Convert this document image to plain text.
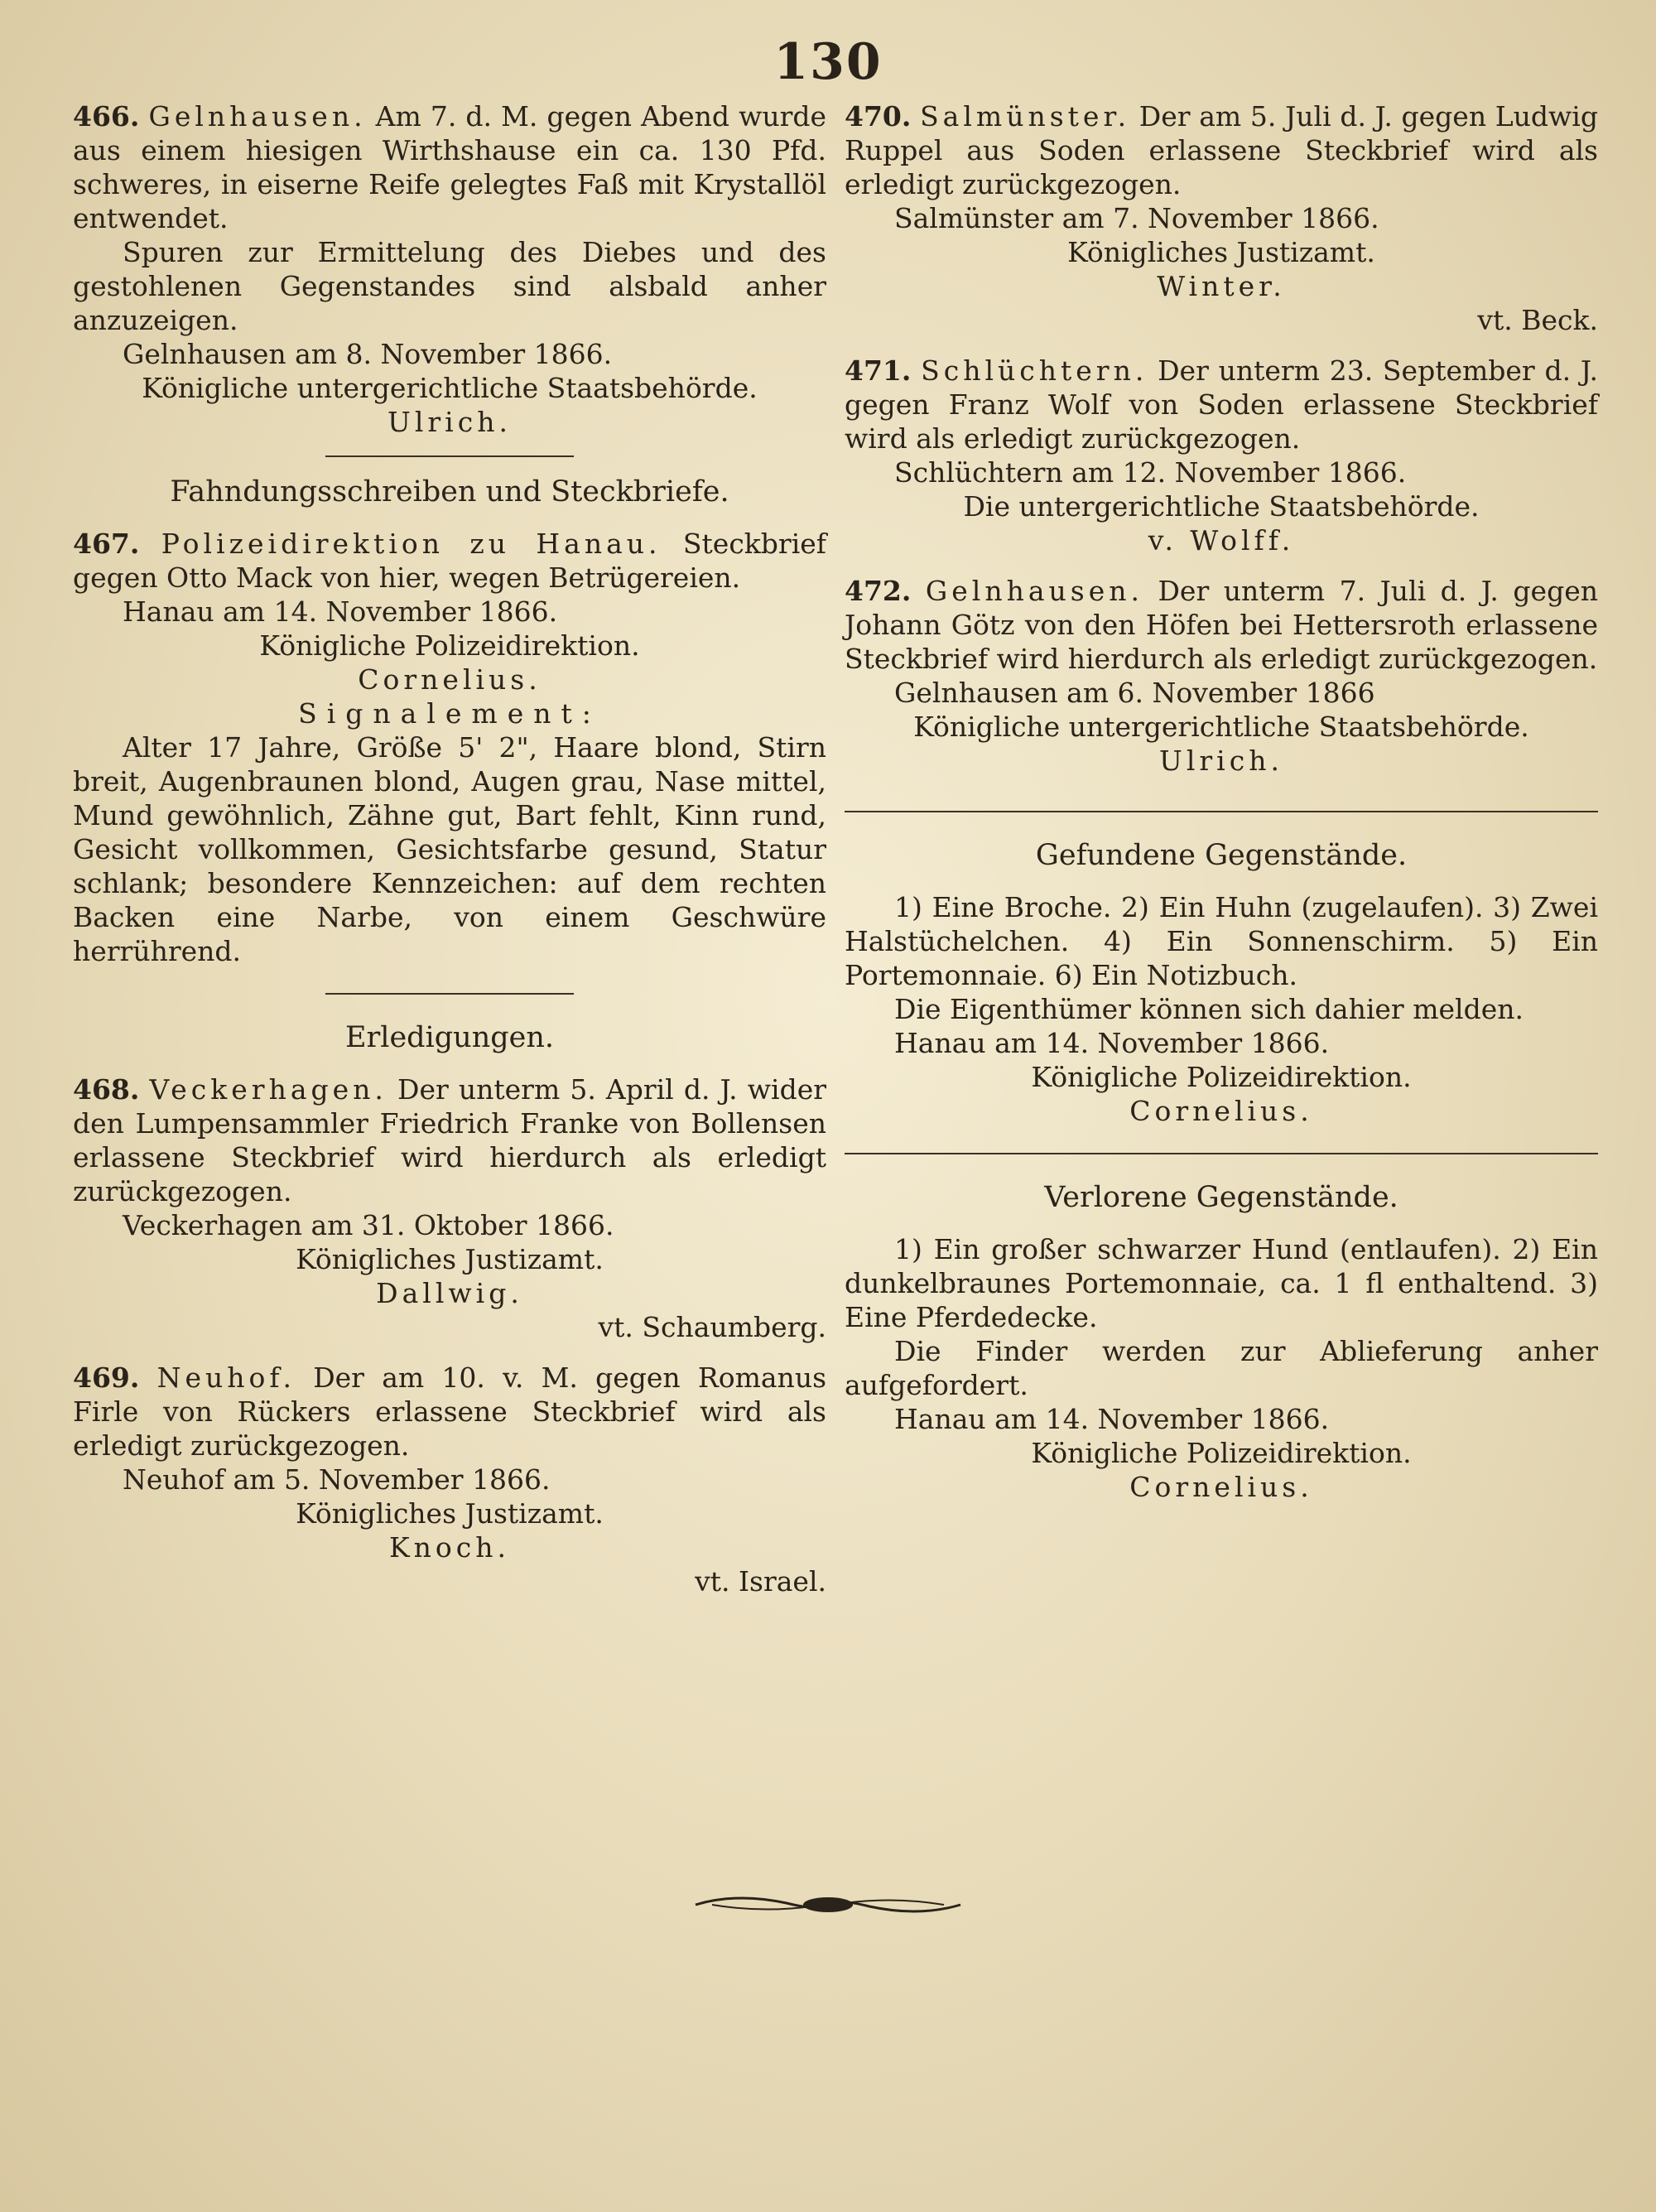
130

466. Gelnhausen. Am 7. d. M. gegen Abend wurde aus einem hiesigen Wirthshause ein ca. 130 Pfd. schweres, in eiserne Reife gelegtes Faß mit Krystallöl entwendet.

Spuren zur Ermittelung des Diebes und des gestohlenen Gegenstandes sind alsbald anher anzuzeigen.

Gelnhausen am 8. November 1866.

Königliche untergerichtliche Staatsbehörde.

Ulrich.

Fahndungsschreiben und Steckbriefe.

467. Polizeidirektion zu Hanau. Steckbrief gegen Otto Mack von hier, wegen Betrügereien.

Hanau am 14. November 1866.

Königliche Polizeidirektion.

Cornelius.

Signalement:

Alter 17 Jahre, Größe 5' 2", Haare blond, Stirn breit, Augenbraunen blond, Augen grau, Nase mittel, Mund gewöhnlich, Zähne gut, Bart fehlt, Kinn rund, Gesicht vollkommen, Gesichtsfarbe gesund, Statur schlank; besondere Kennzeichen: auf dem rechten Backen eine Narbe, von einem Geschwüre herrührend.

Erledigungen.

468. Veckerhagen. Der unterm 5. April d. J. wider den Lumpensammler Friedrich Franke von Bollensen erlassene Steckbrief wird hierdurch als erledigt zurückgezogen.

Veckerhagen am 31. Oktober 1866.

Königliches Justizamt.

Dallwig.

vt. Schaumberg.

469. Neuhof. Der am 10. v. M. gegen Romanus Firle von Rückers erlassene Steckbrief wird als erledigt zurückgezogen.

Neuhof am 5. November 1866.

Königliches Justizamt.

Knoch.

vt. Israel.

470. Salmünster. Der am 5. Juli d. J. gegen Ludwig Ruppel aus Soden erlassene Steckbrief wird als erledigt zurückgezogen.

Salmünster am 7. November 1866.

Königliches Justizamt.

Winter.

vt. Beck.

471. Schlüchtern. Der unterm 23. September d. J. gegen Franz Wolf von Soden erlassene Steckbrief wird als erledigt zurückgezogen.

Schlüchtern am 12. November 1866.

Die untergerichtliche Staatsbehörde.

v. Wolff.

472. Gelnhausen. Der unterm 7. Juli d. J. gegen Johann Götz von den Höfen bei Hettersroth erlassene Steckbrief wird hierdurch als erledigt zurückgezogen.

Gelnhausen am 6. November 1866

Königliche untergerichtliche Staatsbehörde.

Ulrich.

Gefundene Gegenstände.

1) Eine Broche. 2) Ein Huhn (zugelaufen). 3) Zwei Halstüchelchen. 4) Ein Sonnenschirm. 5) Ein Portemonnaie. 6) Ein Notizbuch.

Die Eigenthümer können sich dahier melden.

Hanau am 14. November 1866.

Königliche Polizeidirektion.

Cornelius.

Verlorene Gegenstände.

1) Ein großer schwarzer Hund (entlaufen). 2) Ein dunkelbraunes Portemonnaie, ca. 1 fl enthaltend. 3) Eine Pferdedecke.

Die Finder werden zur Ablieferung anher aufgefordert.

Hanau am 14. November 1866.

Königliche Polizeidirektion.

Cornelius.
